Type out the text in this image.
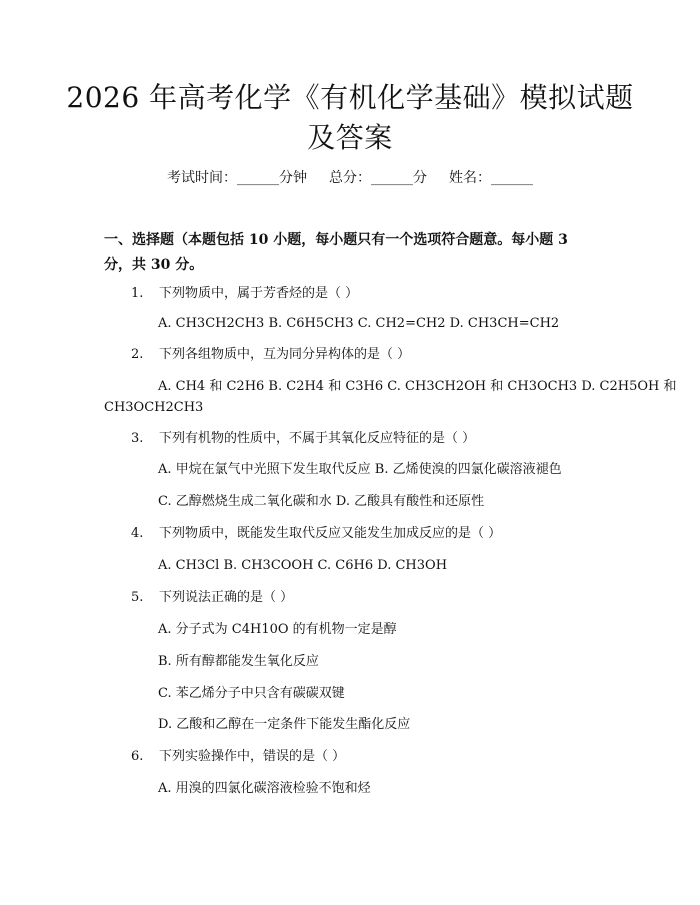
2026 年高考化学《有机化学基础》模拟试题
及答案
考试时间：______分钟 总分：______分 姓名：______
一、选择题（本题包括 10 小题，每小题只有一个选项符合题意。每小题 3 分，共 30 分。
1. 下列物质中，属于芳香烃的是（ ）
A. CH3CH2CH3 B. C6H5CH3 C. CH2=CH2 D. CH3CH=CH2
2. 下列各组物质中，互为同分异构体的是（ ）
A. CH4 和 C2H6 B. C2H4 和 C3H6 C. CH3CH2OH 和 CH3OCH3 D. C2H5OH 和
CH3OCH2CH3
3. 下列有机物的性质中，不属于其氧化反应特征的是（ ）
A. 甲烷在氯气中光照下发生取代反应 B. 乙烯使溴的四氯化碳溶液褪色
C. 乙醇燃烧生成二氧化碳和水 D. 乙酸具有酸性和还原性
4. 下列物质中，既能发生取代反应又能发生加成反应的是（ ）
A. CH3Cl B. CH3COOH C. C6H6 D. CH3OH
5. 下列说法正确的是（ ）
A. 分子式为 C4H10O 的有机物一定是醇
B. 所有醇都能发生氧化反应
C. 苯乙烯分子中只含有碳碳双键
D. 乙酸和乙醇在一定条件下能发生酯化反应
6. 下列实验操作中，错误的是（ ）
A. 用溴的四氯化碳溶液检验不饱和烃
